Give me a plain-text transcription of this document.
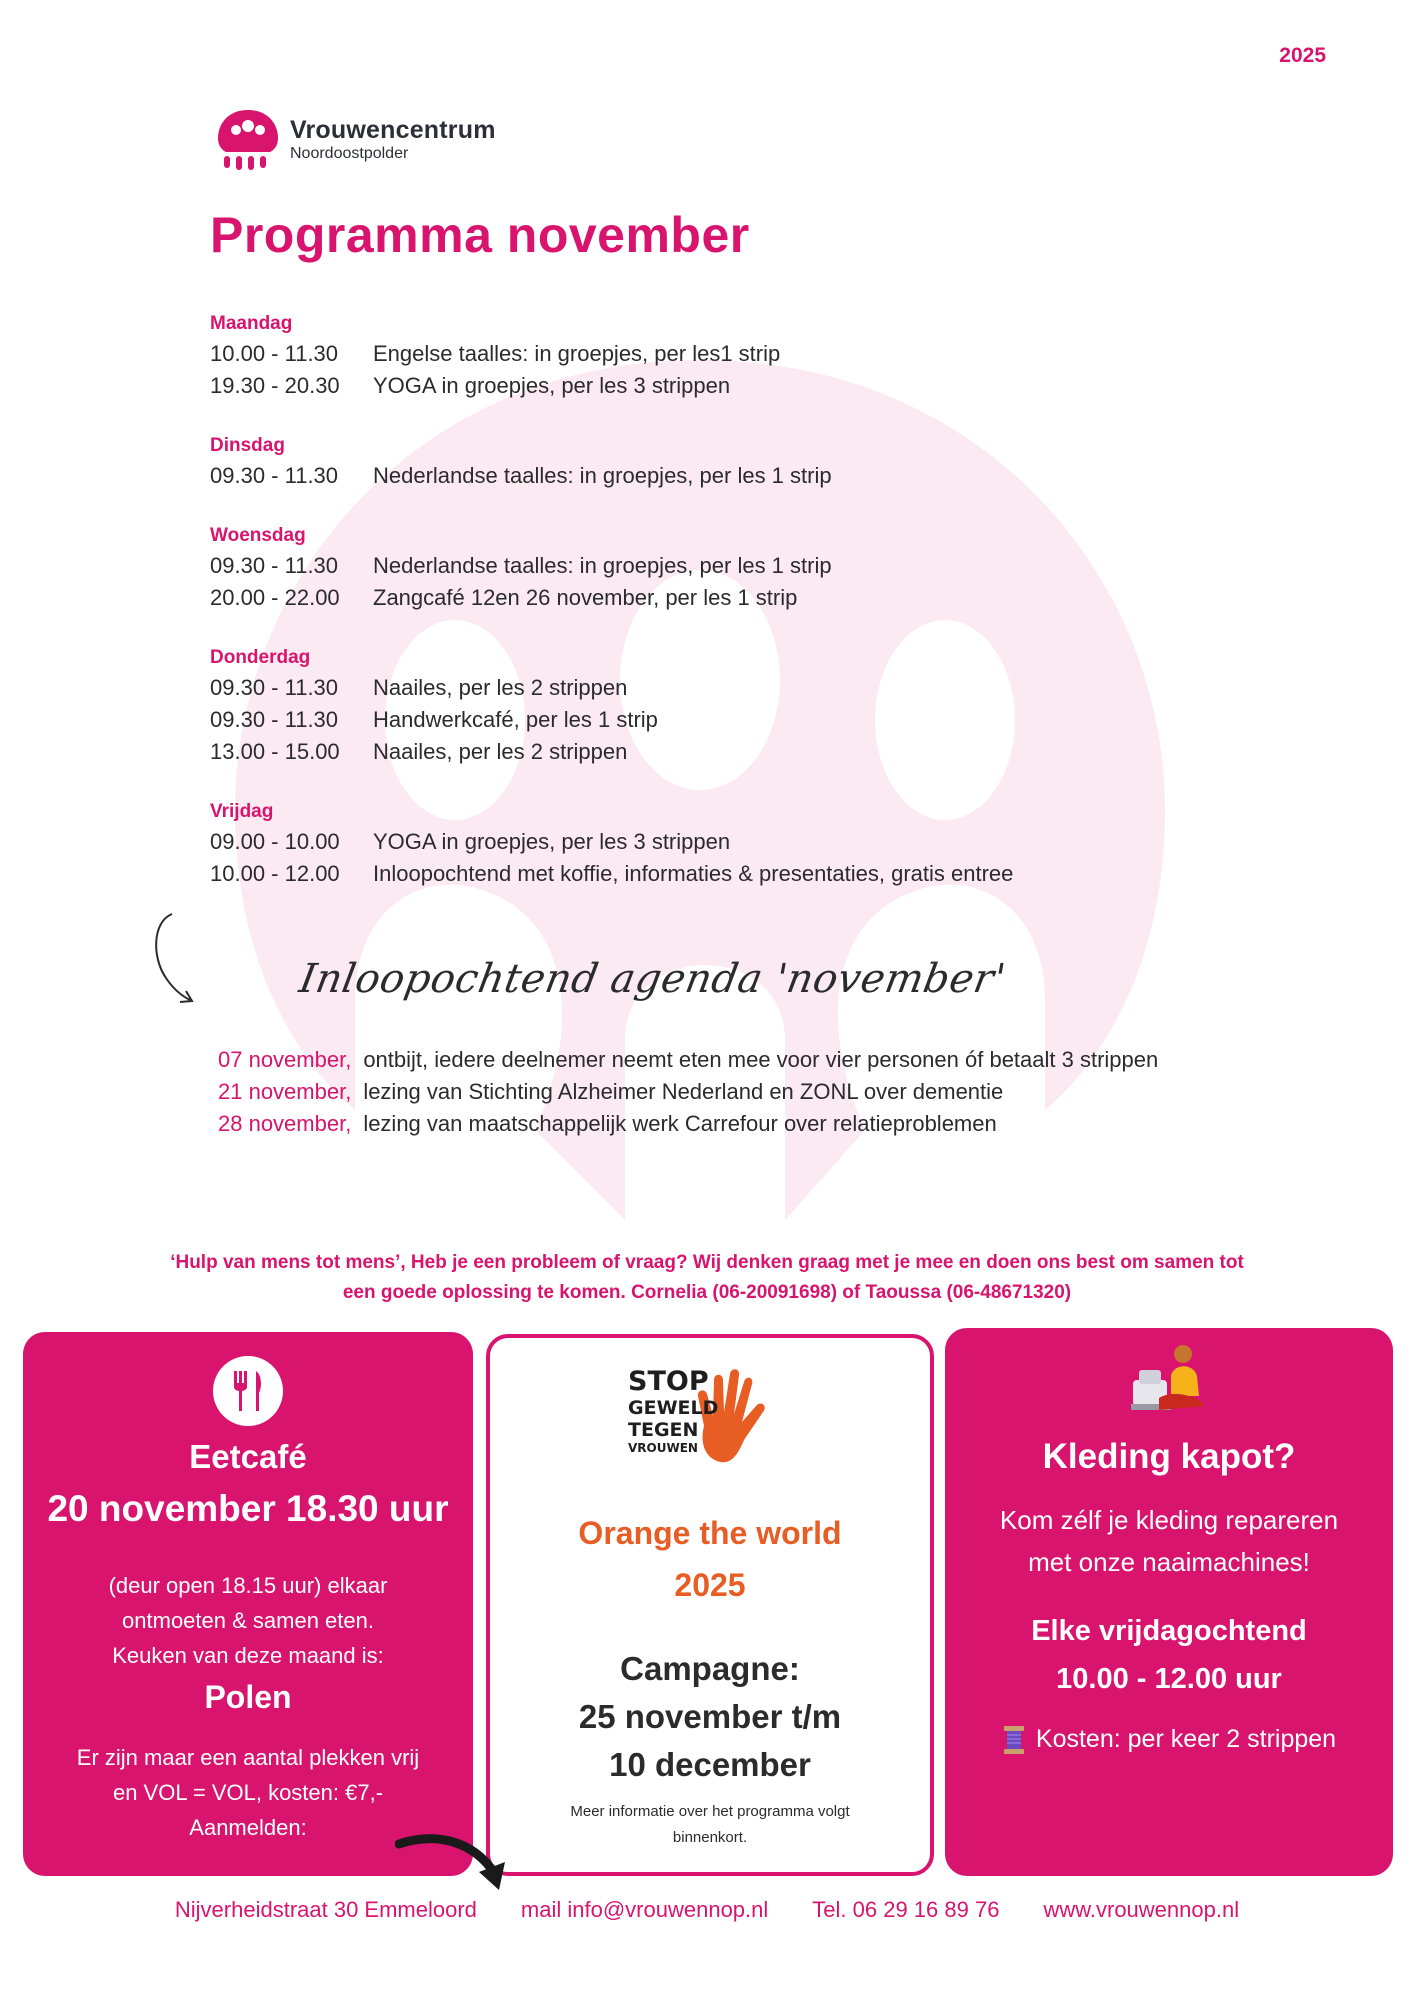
2025
Vrouwencentrum
Noordoostpolder
Programma november
Maandag
10.00 - 11.30	Engelse taalles: in groepjes, per les1 strip
19.30 - 20.30	YOGA in groepjes, per les 3 strippen
Dinsdag
09.30 - 11.30	Nederlandse taalles: in groepjes, per les 1 strip
Woensdag
09.30 - 11.30	Nederlandse taalles: in groepjes, per les 1 strip
20.00 - 22.00	Zangcafé 12en 26 november, per les 1 strip
Donderdag
09.30 - 11.30	Naailes, per les 2 strippen
09.30 - 11.30	Handwerkcafé, per les 1 strip
13.00 - 15.00	Naailes, per les 2 strippen
Vrijdag
09.00 - 10.00	YOGA in groepjes, per les 3 strippen
10.00 - 12.00	Inloopochtend met koffie, informaties & presentaties, gratis entree
Inloopochtend agenda 'november'
07 november, ontbijt, iedere deelnemer neemt eten mee voor vier personen óf betaalt 3 strippen
21 november, lezing van Stichting Alzheimer Nederland en ZONL over dementie
28 november, lezing van maatschappelijk werk Carrefour over relatieproblemen
‘Hulp van mens tot mens’, Heb je een probleem of vraag? Wij denken graag met je mee en doen ons best om samen tot
een goede oplossing te komen. Cornelia (06-20091698) of Taoussa (06-48671320)
Eetcafé
20 november 18.30 uur
(deur open 18.15 uur) elkaar
ontmoeten & samen eten.
Keuken van deze maand is:
Polen
Er zijn maar een aantal plekken vrij
en VOL = VOL, kosten: €7,-
Aanmelden:
STOP
GEWELD
TEGEN
VROUWEN
Orange the world
2025
Campagne:
25 november t/m
10 december
Meer informatie over het programma volgt
binnenkort.
Kleding kapot?
Kom zélf je kleding repareren
met onze naaimachines!
Elke vrijdagochtend
10.00 - 12.00 uur
Kosten: per keer 2 strippen
Nijverheidstraat 30 Emmeloord mail info@vrouwennop.nl Tel. 06 29 16 89 76 www.vrouwennop.nl
